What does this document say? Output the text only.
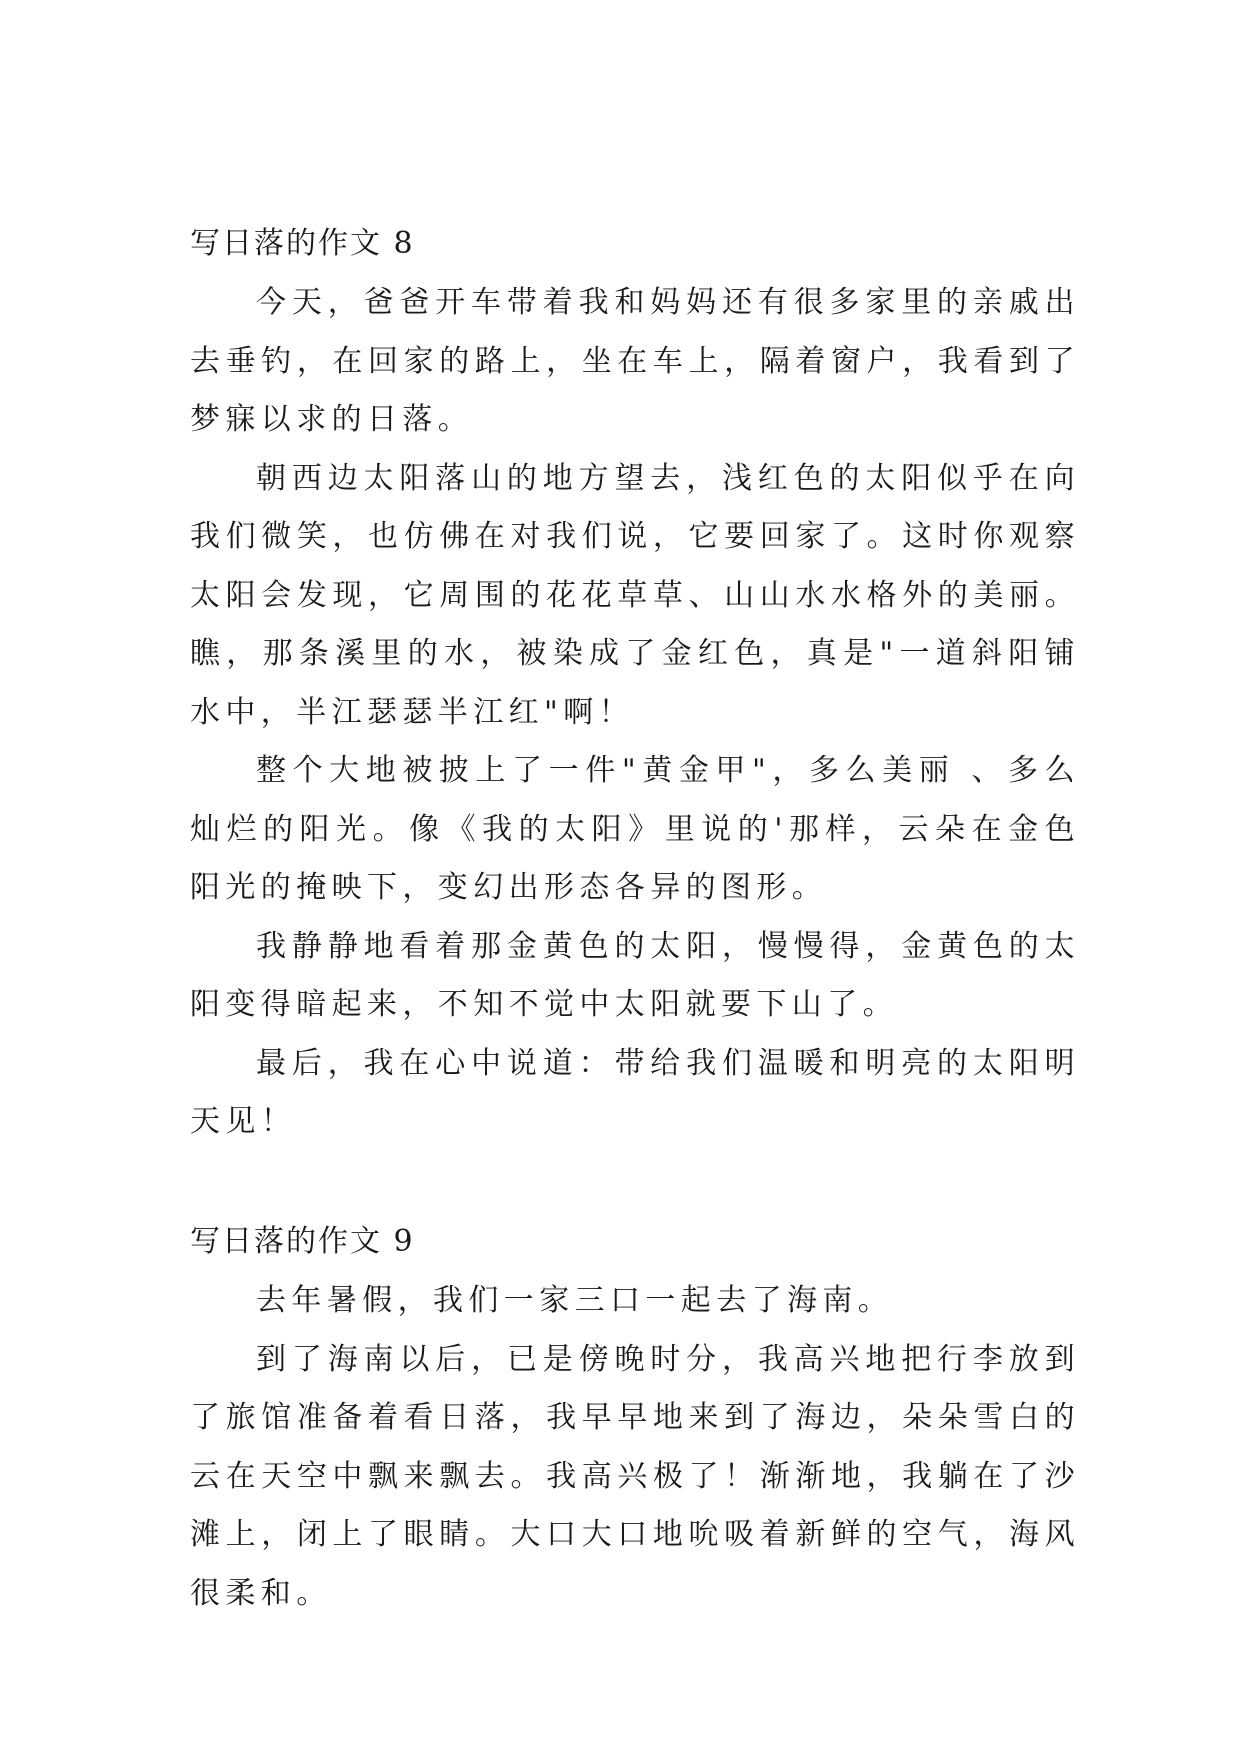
写日落的作文 8

今天，爸爸开车带着我和妈妈还有很多家里的亲戚出去垂钓，在回家的路上，坐在车上，隔着窗户，我看到了梦寐以求的日落。

朝西边太阳落山的地方望去，浅红色的太阳似乎在向我们微笑，也仿佛在对我们说，它要回家了。这时你观察太阳会发现，它周围的花花草草、山山水水格外的美丽。瞧，那条溪里的水，被染成了金红色，真是"一道斜阳铺水中，半江瑟瑟半江红"啊！

整个大地被披上了一件"黄金甲"，多么美丽 、多么灿烂的阳光。像《我的太阳》里说的'那样，云朵在金色阳光的掩映下，变幻出形态各异的图形。

我静静地看着那金黄色的太阳，慢慢得，金黄色的太阳变得暗起来，不知不觉中太阳就要下山了。

最后，我在心中说道：带给我们温暖和明亮的太阳明天见！

写日落的作文 9

去年暑假，我们一家三口一起去了海南。

到了海南以后，已是傍晚时分，我高兴地把行李放到了旅馆准备着看日落，我早早地来到了海边，朵朵雪白的云在天空中飘来飘去。我高兴极了！渐渐地，我躺在了沙滩上，闭上了眼睛。大口大口地吮吸着新鲜的空气，海风很柔和。
